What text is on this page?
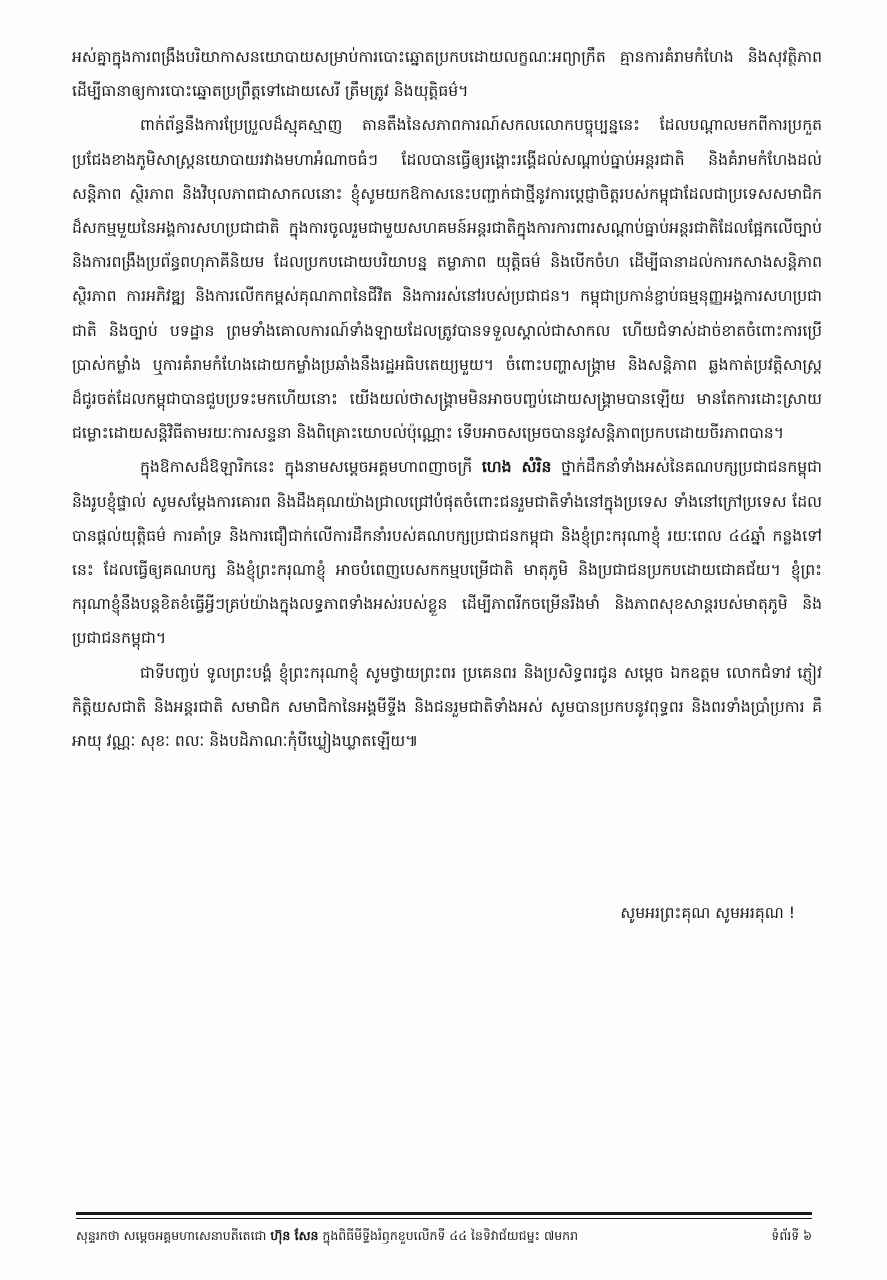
អស់គ្នាក្នុងការពង្រឹងបរិយាកាសនយោបាយសម្រាប់ការបោះឆ្នោតប្រកបដោយលក្ខណៈអព្យាក្រឹត គ្មានការគំរាមកំហែង និងសុវត្ថិភាព ដើម្បីធានាឲ្យការបោះឆ្នោតប្រព្រឹត្តទៅដោយសេរី ត្រឹមត្រូវ និងយុត្តិធម៌។

ពាក់ព័ន្ធនឹងការប្រែប្រួលដ៏ស្មុគស្មាញ តានតឹងនៃសភាពការណ៍សកលលោកបច្ចុប្បន្ននេះ ដែលបណ្តាលមកពីការប្រកួតប្រជែងខាងភូមិសាស្ត្រនយោបាយរវាងមហាអំណាចធំៗ ដែលបានធ្វើឲ្យរង្គោះរង្គើដល់សណ្តាប់ធ្នាប់អន្តរជាតិ និងគំរាមកំហែងដល់សន្តិភាព ស្ថិរភាព និងវិបុលភាពជាសាកលនោះ ខ្ញុំសូមយកឱកាសនេះបញ្ជាក់ជាថ្មីនូវការប្តេជ្ញាចិត្តរបស់កម្ពុជាដែលជាប្រទេសសមាជិកដ៏សកម្មមួយនៃអង្គការសហប្រជាជាតិ ក្នុងការចូលរួមជាមួយសហគមន៍អន្តរជាតិក្នុងការការពារសណ្តាប់ធ្នាប់អន្តរជាតិដែលផ្អែកលើច្បាប់ និងការពង្រឹងប្រព័ន្ធពហុភាគីនិយម ដែលប្រកបដោយបរិយាបន្ន តម្លាភាព យុត្តិធម៌ និងបើកចំហ ដើម្បីធានាដល់ការកសាងសន្តិភាព ស្ថិរភាព ការអភិវឌ្ឍ និងការលើកកម្ពស់គុណភាពនៃជីវិត និងការរស់នៅរបស់ប្រជាជន។ កម្ពុជាប្រកាន់ខ្ជាប់ធម្មនុញ្ញអង្គការសហប្រជាជាតិ និងច្បាប់ បទដ្ឋាន ព្រមទាំងគោលការណ៍ទាំងឡាយដែលត្រូវបានទទួលស្គាល់ជាសាកល ហើយជំទាស់ដាច់ខាតចំពោះការប្រើប្រាស់កម្លាំង ឬការគំរាមកំហែងដោយកម្លាំងប្រឆាំងនឹងរដ្ឋអធិបតេយ្យមួយ។ ចំពោះបញ្ហាសង្គ្រាម និងសន្តិភាព ឆ្លងកាត់ប្រវត្តិសាស្ត្រដ៏ជូរចត់ដែលកម្ពុជាបានជួបប្រទះមកហើយនោះ យើងយល់ថាសង្គ្រាមមិនអាចបញ្ចប់ដោយសង្គ្រាមបានឡើយ មានតែការដោះស្រាយជម្លោះដោយសន្តិវិធីតាមរយៈការសន្ទនា និងពិគ្រោះយោបល់ប៉ុណ្ណោះ ទើបអាចសម្រេចបាននូវសន្តិភាពប្រកបដោយចីរភាពបាន។

ក្នុងឱកាសដ៏ឱឡារិកនេះ ក្នុងនាមសម្តេចអគ្គមហាពញាចក្រី ហេង សំរិន ថ្នាក់ដឹកនាំទាំងអស់នៃគណបក្សប្រជាជនកម្ពុជា និងរូបខ្ញុំផ្ទាល់ សូមសម្តែងការគោរព និងដឹងគុណយ៉ាងជ្រាលជ្រៅបំផុតចំពោះជនរួមជាតិទាំងនៅក្នុងប្រទេស ទាំងនៅក្រៅប្រទេស ដែលបានផ្តល់យុត្តិធម៌ ការគាំទ្រ និងការជឿជាក់លើការដឹកនាំរបស់គណបក្សប្រជាជនកម្ពុជា និងខ្ញុំព្រះករុណាខ្ញុំ រយៈពេល ៤៤ឆ្នាំ កន្លងទៅនេះ ដែលធ្វើឲ្យគណបក្ស និងខ្ញុំព្រះករុណាខ្ញុំ អាចបំពេញបេសកកម្មបម្រើជាតិ មាតុភូមិ និងប្រជាជនប្រកបដោយជោគជ័យ។ ខ្ញុំព្រះករុណាខ្ញុំនឹងបន្តខិតខំធ្វើអ្វីៗគ្រប់យ៉ាងក្នុងលទ្ធភាពទាំងអស់របស់ខ្លួន ដើម្បីភាពរីកចម្រើនរឹងមាំ និងភាពសុខសាន្តរបស់មាតុភូមិ និងប្រជាជនកម្ពុជា។

ជាទីបញ្ចប់ ទូលព្រះបង្គំ ខ្ញុំព្រះករុណាខ្ញុំ សូមថ្វាយព្រះពរ ប្រគេនពរ និងប្រសិទ្ធពរជូន សម្តេច ឯកឧត្តម លោកជំទាវ ភ្ញៀវកិត្តិយសជាតិ និងអន្តរជាតិ សមាជិក សមាជិកានៃអង្គមីទ្ទីង និងជនរួមជាតិទាំងអស់ សូមបានប្រកបនូវពុទ្ធពរ និងពរទាំងប្រាំប្រការ គឺ អាយុ វណ្ណៈ សុខៈ ពលៈ និងបដិភាណៈកុំបីឃ្លៀងឃ្លាតឡើយ៕

សូមអរព្រះគុណ សូមអរគុណ !
សុន្ទរកថា សម្តេចអគ្គមហាសេនាបតីតេជោ ហ៊ុន សែន ក្នុងពិធីមីទ្ទីងរំឭកខួបលើកទី ៤៤ នៃទិវាជ័យជម្នះ ៧មករា	ទំព័រទី ៦
